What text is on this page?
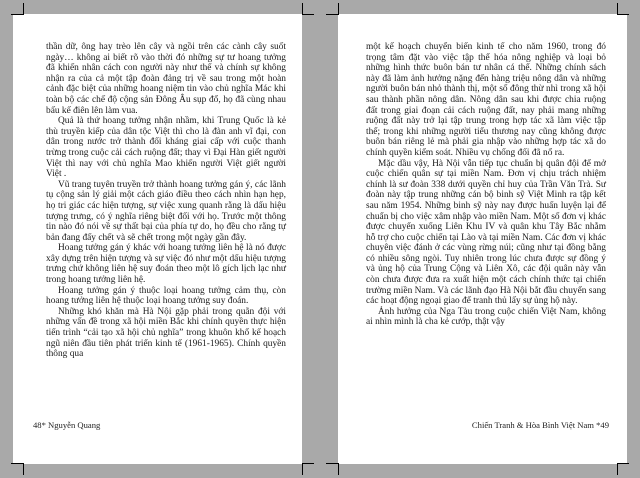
thần dữ, ông hay trèo lên cây và ngồi trên các cành cây suốt ngày… không ai biết rõ vào thời đó những sự tư hoang tưởng đã khiến nhân cách con người này như thế và chính sự không nhận ra của cả một tập đoàn đảng trị về sau trong một hoàn cảnh đặc biệt của những hoang niệm tin vào chủ nghĩa Mác khi toàn bộ các chế độ cộng sản Đông Âu sụp đổ, họ đã cùng nhau bấu kế điên lên làm vua.

Quả là thứ hoang tưởng nhận nhầm, khi Trung Quốc là kẻ thù truyền kiếp của dân tộc Việt thì cho là đàn anh vĩ đại, con dân trong nước trở thành đối kháng giai cấp với cuộc thanh trừng trong cuộc cải cách ruộng đất; thay vì Đại Hàn giết người Việt thì nay với chủ nghĩa Mao khiến người Việt giết người Việt .

Vũ trang tuyên truyền trở thành hoang tưởng gán ý, các lãnh tụ cộng sản lý giải một cách giáo điều theo cách nhìn hạn hẹp, họ tri giác các hiện tượng, sự việc xung quanh rằng là dấu hiệu tượng trưng, có ý nghĩa riêng biệt đối với họ. Trước một thông tin nào đó nói về sự thất bại của phía tự do, họ đều cho rằng tự bản đang đấy chết và sẽ chết trong một ngày gần đây.

Hoang tưởng gán ý khác với hoang tưởng liên hệ là nó được xây dựng trên hiện tượng và sự việc đó như một dấu hiệu tượng trưng chứ không liên hệ suy đoán theo một lô gích lịch lạc như trong hoang tưởng liên hệ.

Hoang tưởng gán ý thuộc loại hoang tưởng cảm thụ, còn hoang tưởng liên hệ thuộc loại hoang tưởng suy đoán.

Những khó khăn mà Hà Nội gặp phải trong quãn đội với những vấn đề trong xã hội miền Bắc khi chính quyền thực hiện tiến trình “cải tạo xã hội chủ nghĩa” trong khuôn khổ kế hoạch ngũ niên đầu tiên phát triển kinh tế (1961-1965). Chính quyền thông qua

48* Nguyễn Quang

một kế hoạch chuyển biến kinh tế cho năm 1960, trong đó trọng tâm đặt vào việc tập thể hóa nông nghiệp và loại bỏ những hình thức buôn bán tư nhân cá thể. Những chính sách này đã làm ảnh hưởng nặng đến hàng triệu nông dân và những người buôn bán nhỏ thành thị, một số đông thừ nhì trong xã hội sau thành phần nông dân. Nông dân sau khi được chia ruộng đất trong giai đoạn cải cách ruộng đất, nay phải mang những ruộng đất này trở lại tập trung trong hợp tác xã làm việc tập thể; trong khi những người tiểu thương nay cũng không được buôn bán riêng lẻ mà phải gia nhập vào những hợp tác xã do chính quyền kiểm soát. Nhiều vụ chống đối đã nổ ra.

Mặc dầu vậy, Hà Nội vẫn tiếp tục chuẩn bị quân đội để mở cuộc chiến quân sự tại miền Nam. Đơn vị chịu trách nhiệm chính là sư đoàn 338 dưới quyền chỉ huy của Trần Văn Trà. Sư đoàn này tập trung những cán bộ binh sỹ Việt Minh ra tập kết sau năm 1954. Những binh sỹ này nay được huấn luyện lại để chuẩn bị cho việc xâm nhập vào miền Nam. Một số đơn vị khác được chuyển xuống Liên Khu IV và quân khu Tây Bắc nhằm hỗ trợ cho cuộc chiến tại Lào và tại miền Nam. Các đơn vị khác chuyên việc đánh ở các vùng rừng núi; cũng như tại đồng bằng có nhiều sông ngòi. Tuy nhiên trong lúc chưa được sự đồng ý và ủng hộ của Trung Cộng và Liên Xô, các đội quân này vẫn còn chưa được đưa ra xuất hiện một cách chính thức tại chiến trường miền Nam. Và các lãnh đạo Hà Nội bắt đầu chuyển sang các hoạt động ngoại giao để tranh thủ lấy sự ủng hộ này.

Ảnh hưởng của Nga Tàu trong cuộc chiến Việt Nam, không ai nhìn mình là cha kẻ cướp, thật vậy

Chiến Tranh & Hòa Bình Việt Nam *49
